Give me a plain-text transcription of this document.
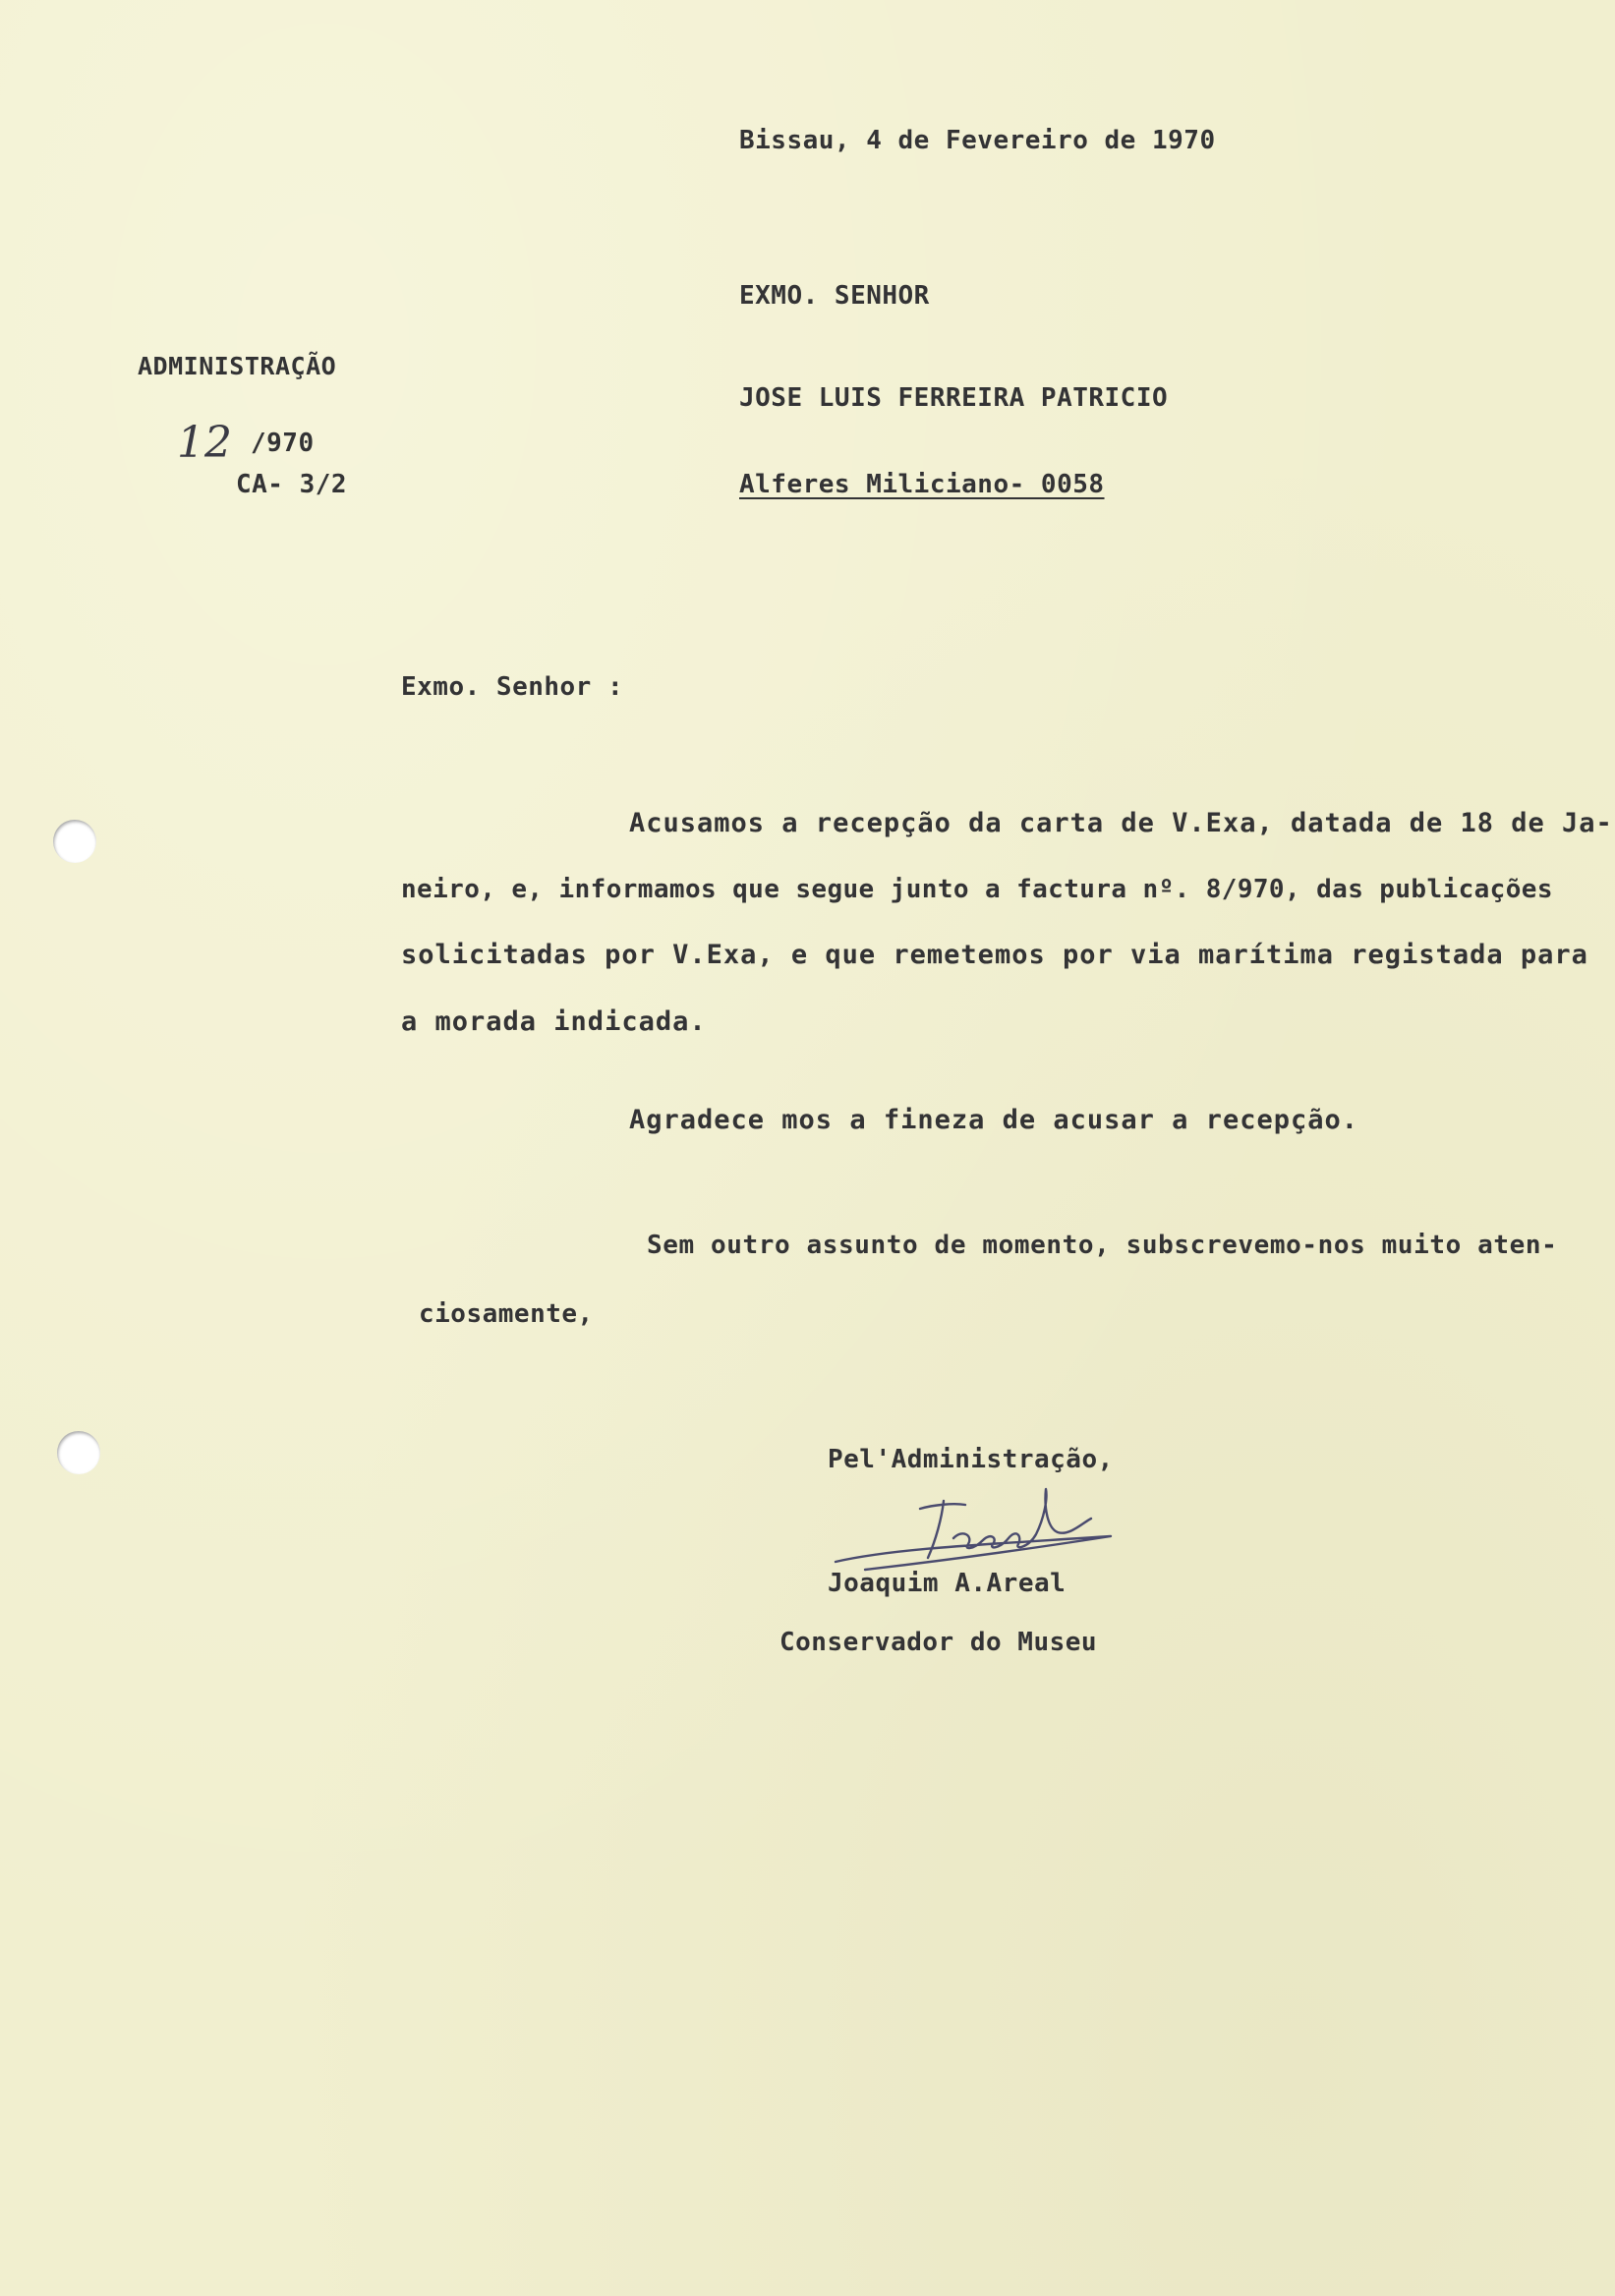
Bissau, 4 de Fevereiro de 1970
EXMO. SENHOR
ADMINISTRAÇÃO
JOSE LUIS FERREIRA PATRICIO
12 /970
CA- 3/2	Alferes Miliciano- 0058
Exmo. Senhor :
Acusamos a recepção da carta de V.Exa, datada de 18 de Ja-
neiro, e, informamos que segue junto a factura nº. 8/970, das publicações
solicitadas por V.Exa, e que remetemos por via marítima registada para
a morada indicada.
Agradece mos a fineza de acusar a recepção.
Sem outro assunto de momento, subscrevemo-nos muito aten-
ciosamente,
Pel'Administração,
Joaquim A.Areal
Conservador do Museu
